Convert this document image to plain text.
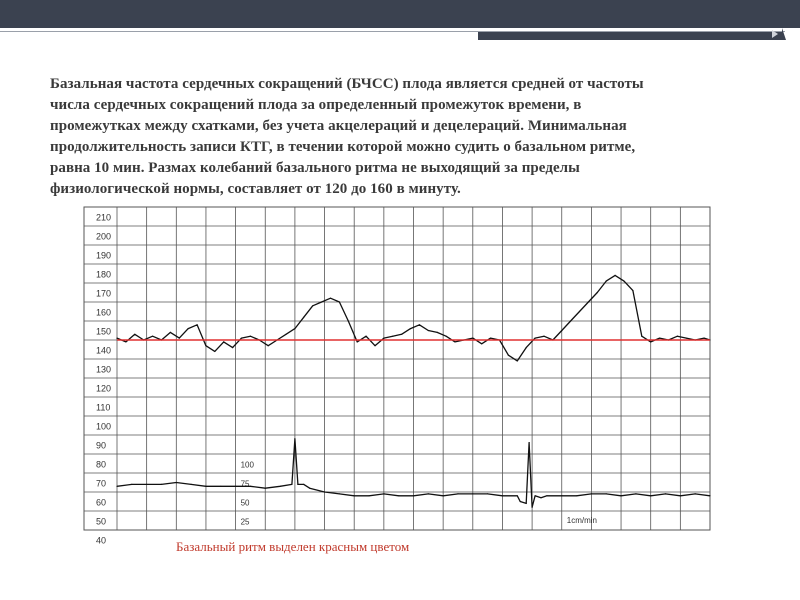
Базальная частота сердечных сокращений (БЧСС) плода является средней от частоты
числа сердечных сокращений плода за определенный промежуток времени, в
промежутках между схатками, без учета акцелераций и децелераций. Минимальная
продолжительность записи КТГ, в течении которой можно судить о базальном ритме,
равна 10 мин. Размах колебаний базального ритма не выходящий за пределы
физиологической нормы, составляет от 120 до 160 в минуту.

210
200
190
180
170
160
150
140
130
120
110
100
90
80
70
60
50
40
100
75
50
25	1cm/min

Базальный ритм выделен красным цветом
